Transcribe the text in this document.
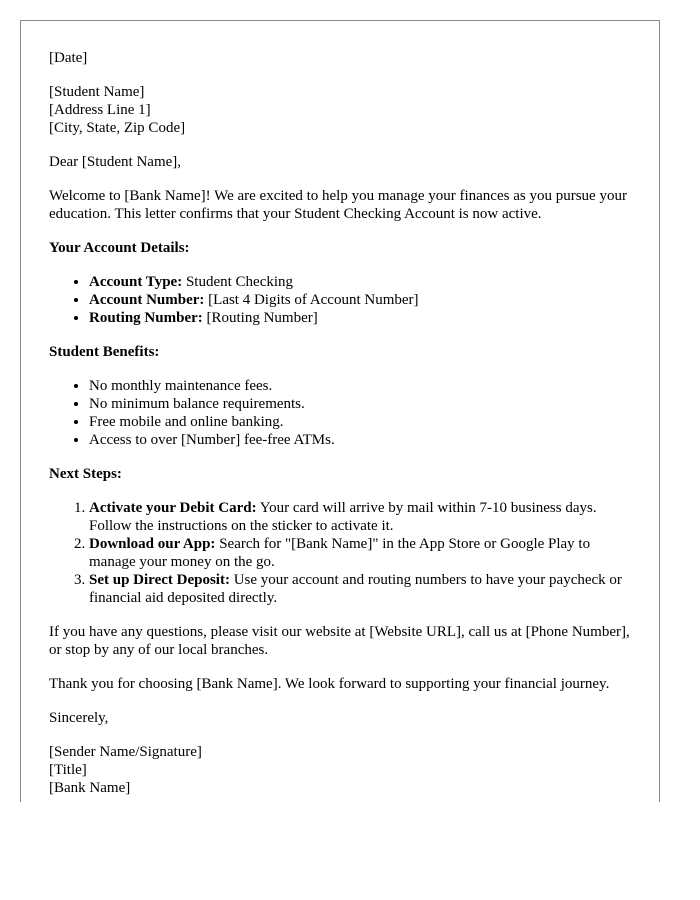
[Date]

[Student Name]
[Address Line 1]
[City, State, Zip Code]

Dear [Student Name],

Welcome to [Bank Name]! We are excited to help you manage your finances as you pursue your education. This letter confirms that your Student Checking Account is now active.

Your Account Details:

• Account Type: Student Checking
• Account Number: [Last 4 Digits of Account Number]
• Routing Number: [Routing Number]

Student Benefits:

• No monthly maintenance fees.
• No minimum balance requirements.
• Free mobile and online banking.
• Access to over [Number] fee-free ATMs.

Next Steps:

1. Activate your Debit Card: Your card will arrive by mail within 7-10 business days. Follow the instructions on the sticker to activate it.
2. Download our App: Search for "[Bank Name]" in the App Store or Google Play to manage your money on the go.
3. Set up Direct Deposit: Use your account and routing numbers to have your paycheck or financial aid deposited directly.

If you have any questions, please visit our website at [Website URL], call us at [Phone Number], or stop by any of our local branches.

Thank you for choosing [Bank Name]. We look forward to supporting your financial journey.

Sincerely,

[Sender Name/Signature]
[Title]
[Bank Name]
